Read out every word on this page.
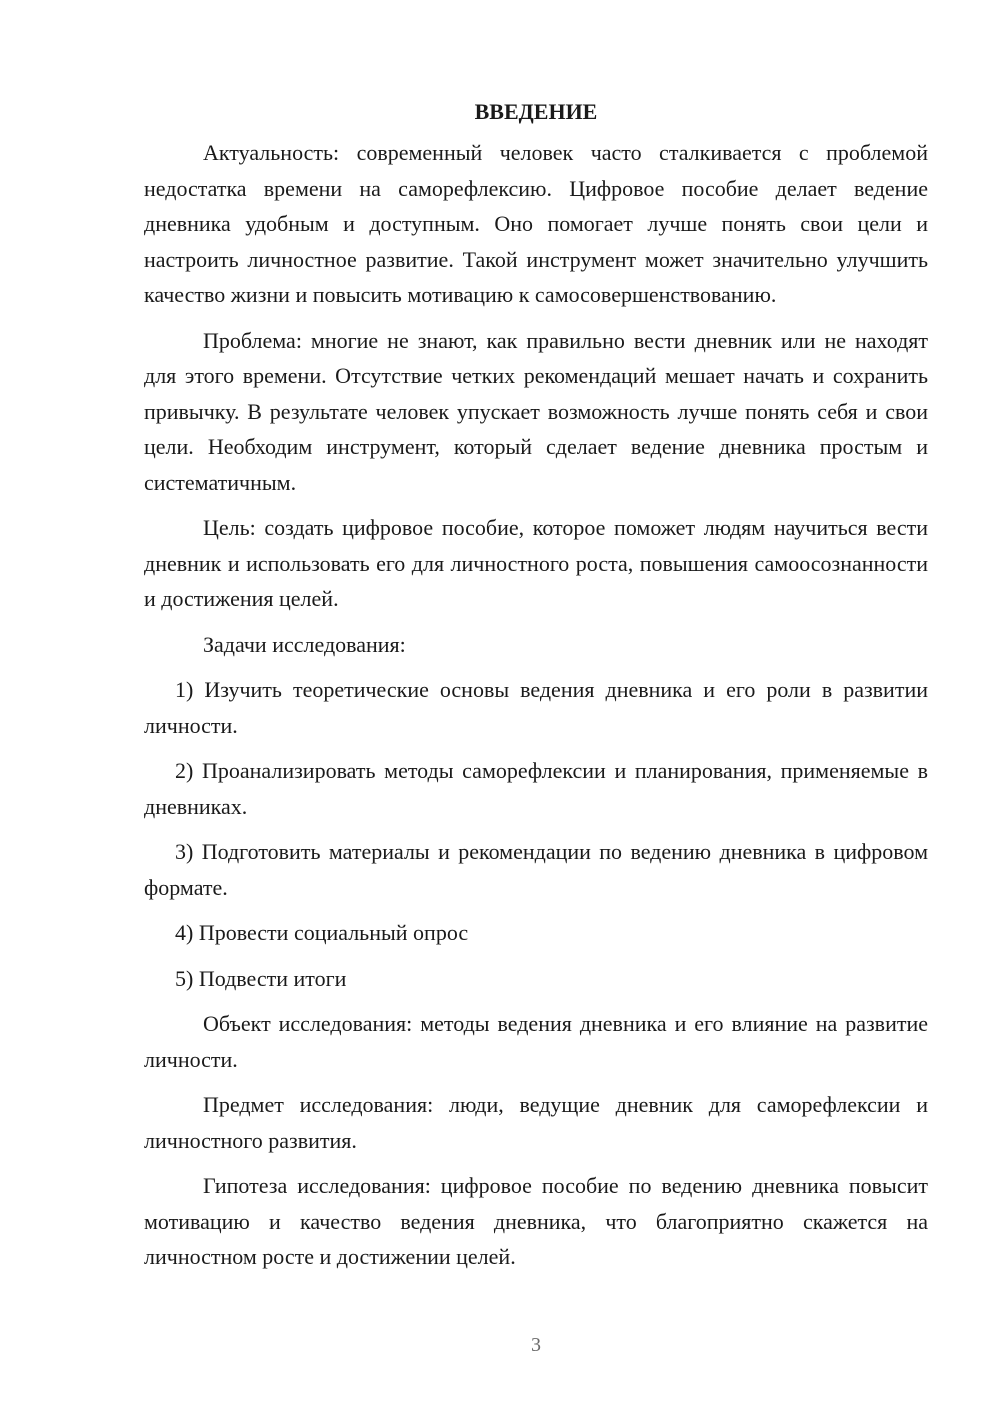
ВВЕДЕНИЕ

Актуальность: современный человек часто сталкивается с проблемой недостатка времени на саморефлексию. Цифровое пособие делает ведение дневника удобным и доступным. Оно помогает лучше понять свои цели и настроить личностное развитие. Такой инструмент может значительно улучшить качество жизни и повысить мотивацию к самосовершенствованию.

Проблема: многие не знают, как правильно вести дневник или не находят для этого времени. Отсутствие четких рекомендаций мешает начать и сохранить привычку. В результате человек упускает возможность лучше понять себя и свои цели. Необходим инструмент, который сделает ведение дневника простым и систематичным.

Цель: создать цифровое пособие, которое поможет людям научиться вести дневник и использовать его для личностного роста, повышения самоосознанности и достижения целей.

Задачи исследования:

1) Изучить теоретические основы ведения дневника и его роли в развитии личности.

2) Проанализировать методы саморефлексии и планирования, применяемые в дневниках.

3) Подготовить материалы и рекомендации по ведению дневника в цифровом формате.

4) Провести социальный опрос

5) Подвести итоги

Объект исследования: методы ведения дневника и его влияние на развитие личности.

Предмет исследования: люди, ведущие дневник для саморефлексии и личностного развития.

Гипотеза исследования: цифровое пособие по ведению дневника повысит мотивацию и качество ведения дневника, что благоприятно скажется на личностном росте и достижении целей.

3
